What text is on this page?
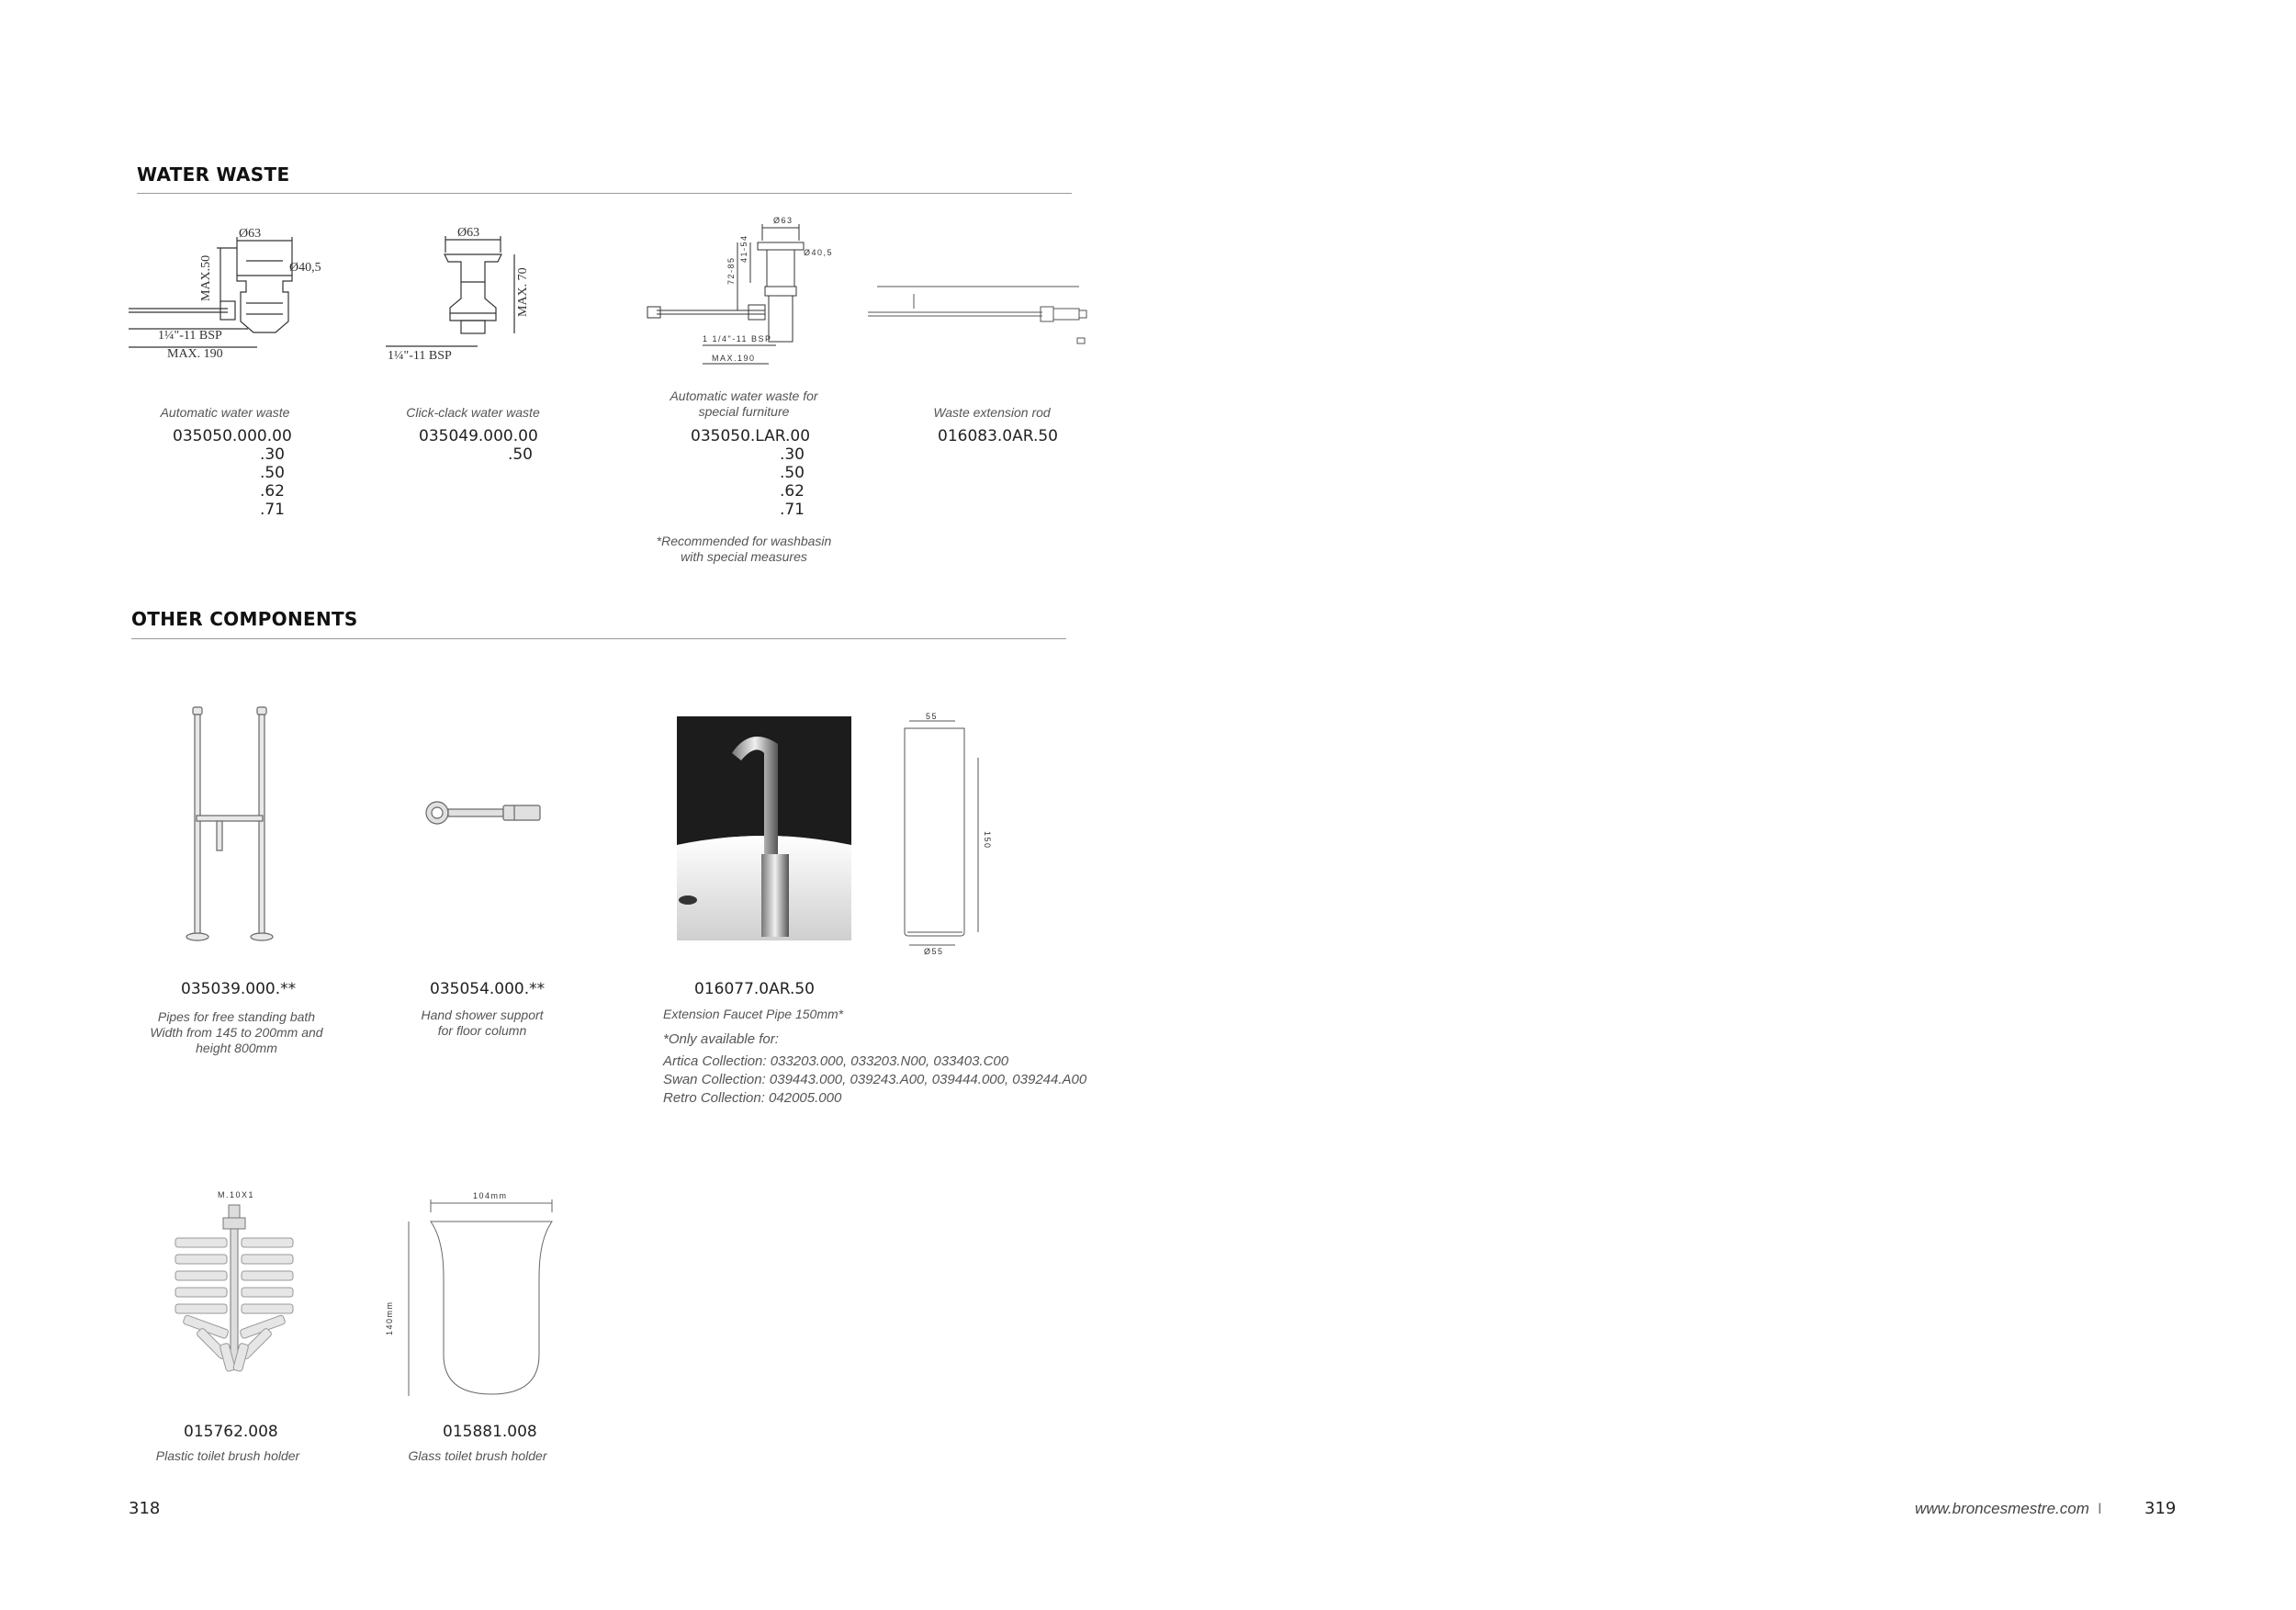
WATER WASTE
Ø63
Ø40,5
MAX.50
1¼"-11 BSP
MAX. 190
Ø63
MAX. 70
1¼"-11 BSP
Ø63
Ø40,5
72-85
41-54
1 1/4"-11 BSP
MAX.190
Automatic water waste
035050.000.00
.30
.50
.62
.71
Click-clack water waste
035049.000.00
.50
Automatic water waste for
special furniture
035050.LAR.00
.30
.50
.62
.71
*Recommended for washbasin
with special measures
Waste extension rod
016083.0AR.50
OTHER COMPONENTS
55
Ø55
150
035039.000.**
Pipes for free standing bath
Width from 145 to 200mm and
height 800mm
035054.000.**
Hand shower support
for floor column
016077.0AR.50
Extension Faucet Pipe 150mm*
*Only available for:
Artica Collection: 033203.000, 033203.N00, 033403.C00
Swan Collection: 039443.000, 039243.A00, 039444.000, 039244.A00
Retro Collection: 042005.000
M.10X1	104mm
140mm
015762.008
Plastic toilet brush holder
015881.008
Glass toilet brush holder
318	www.broncesmestre.com I	319
